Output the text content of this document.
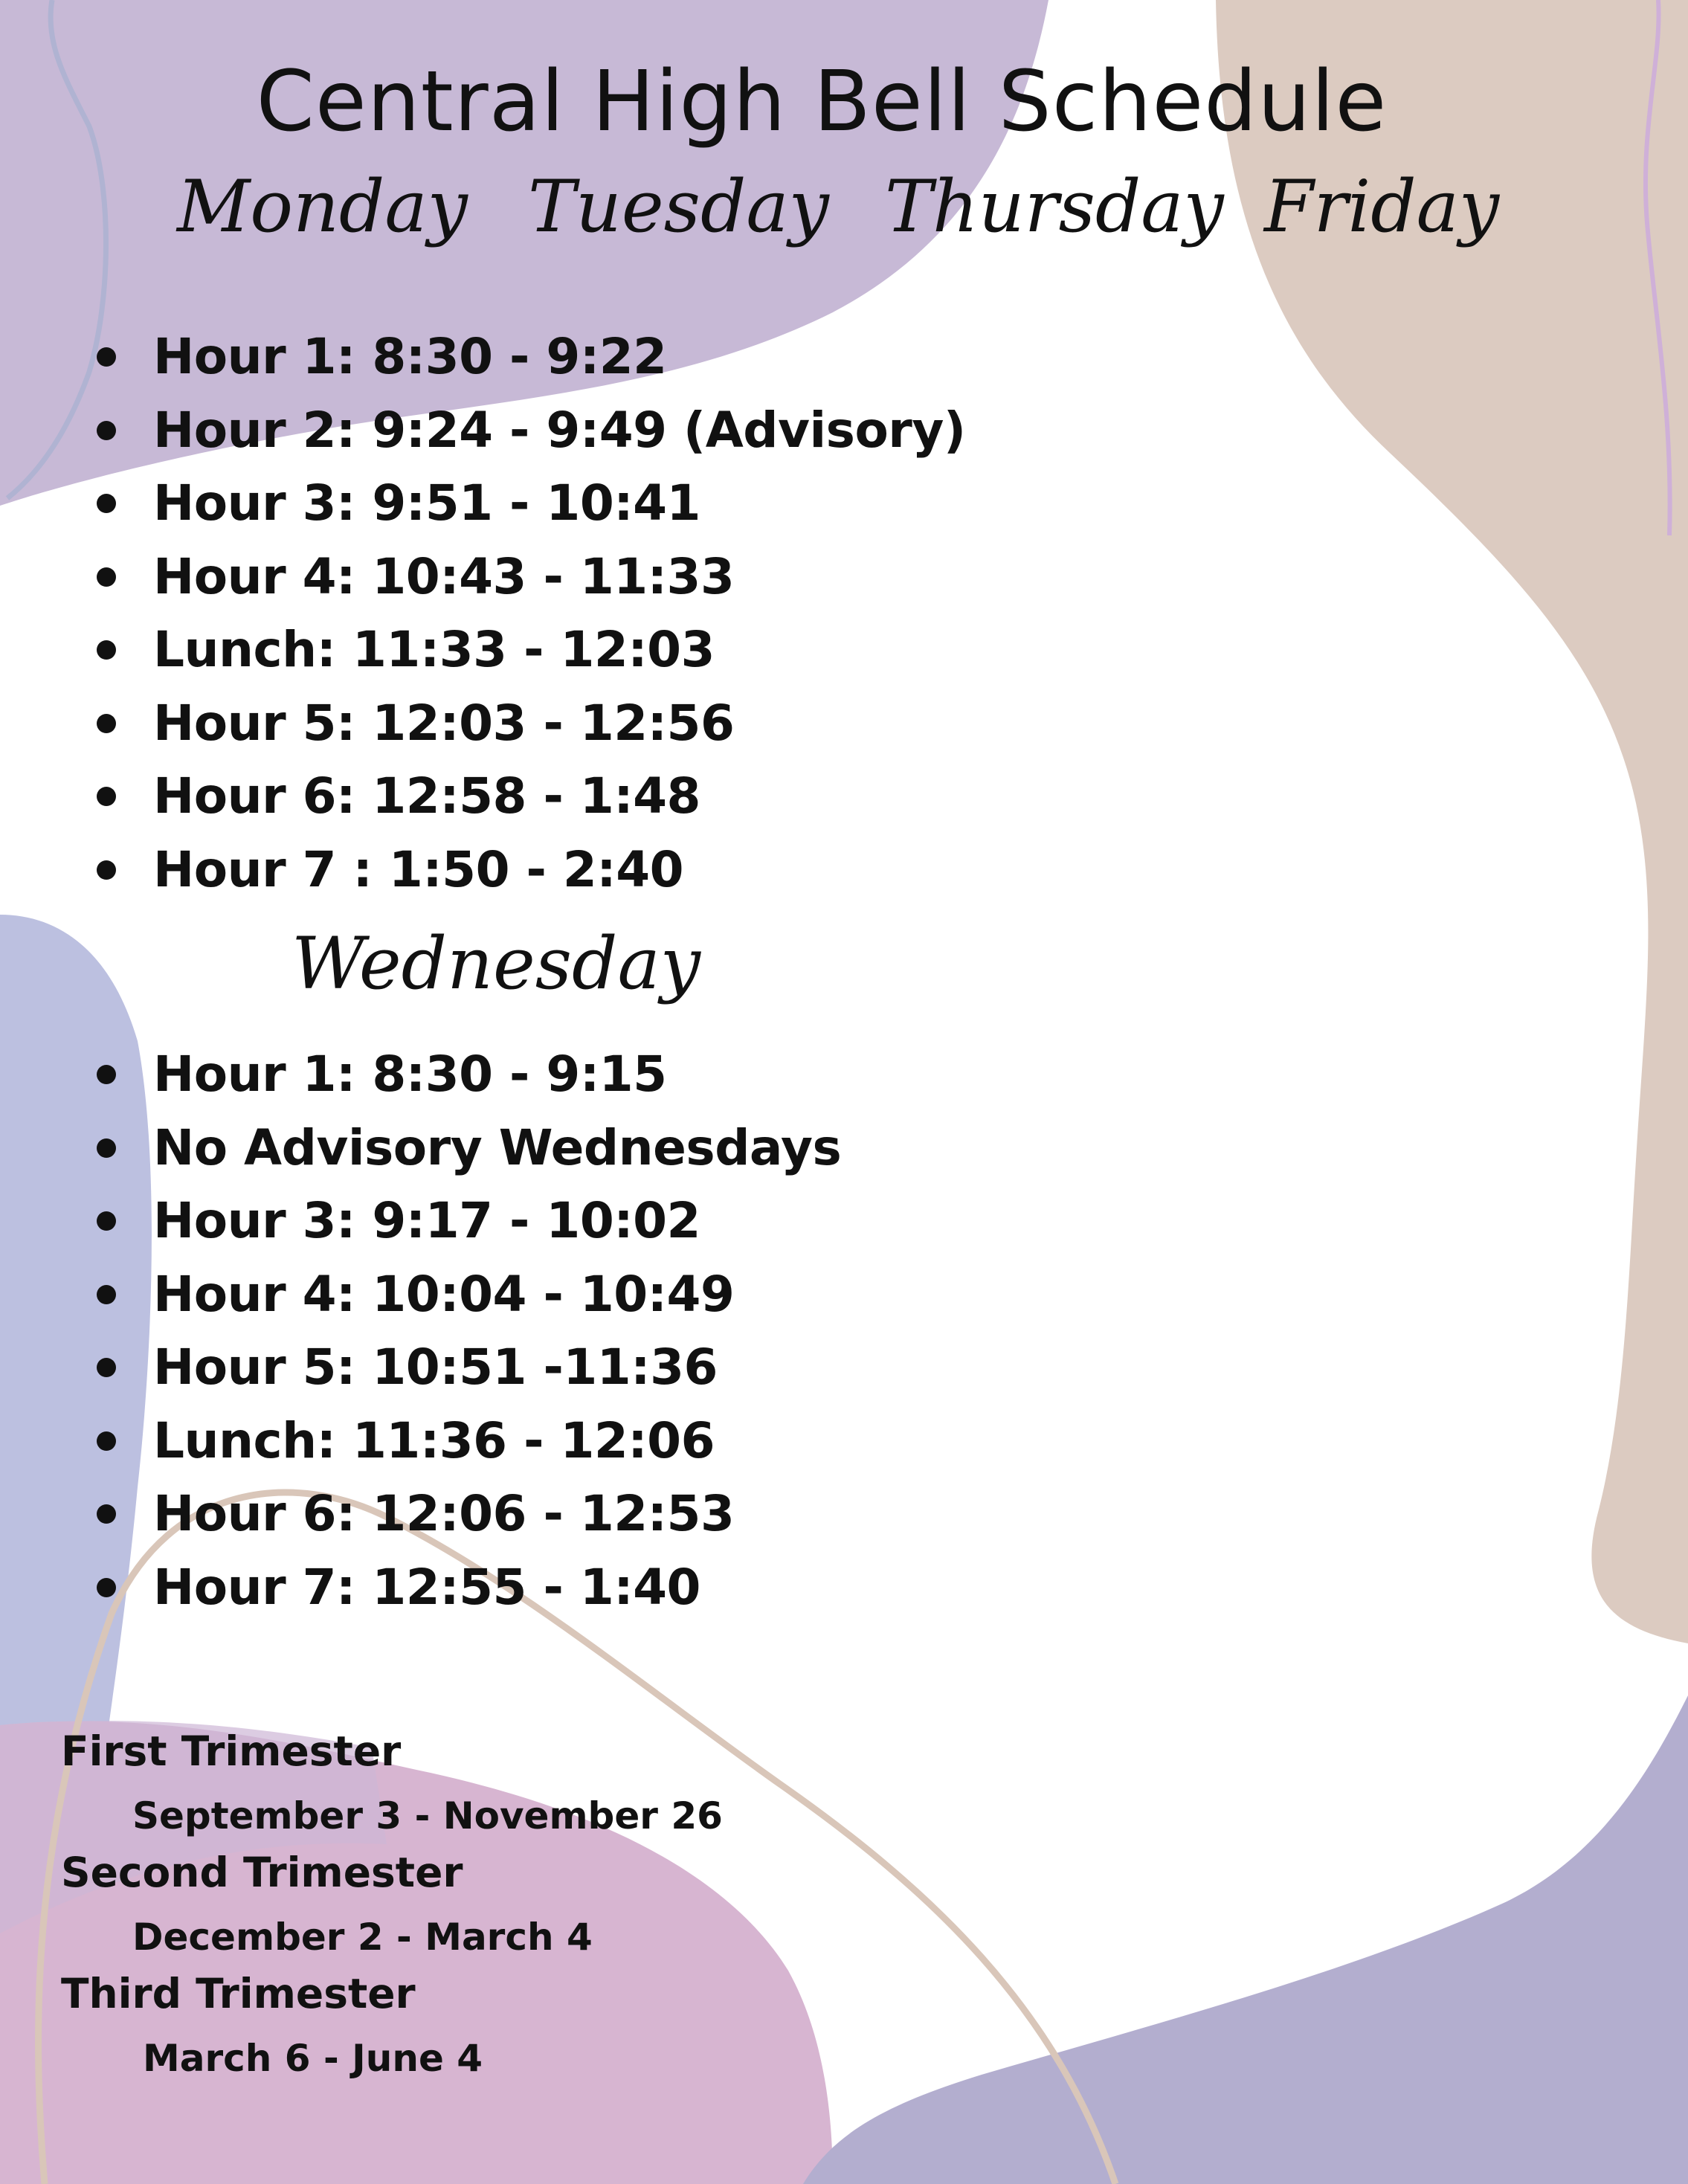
Central High Bell Schedule
Monday Tuesday Thursday Friday
Hour 1: 8:30 - 9:22
Hour 2: 9:24 - 9:49 (Advisory)
Hour 3: 9:51 - 10:41
Hour 4: 10:43 - 11:33
Lunch: 11:33 - 12:03
Hour 5: 12:03 - 12:56
Hour 6: 12:58 - 1:48
Hour 7 : 1:50 - 2:40
Wednesday
Hour 1: 8:30 - 9:15
No Advisory Wednesdays
Hour 3: 9:17 - 10:02
Hour 4: 10:04 - 10:49
Hour 5: 10:51 -11:36
Lunch: 11:36 - 12:06
Hour 6: 12:06 - 12:53
Hour 7: 12:55 - 1:40
First Trimester
September 3 - November 26
Second Trimester
December 2 - March 4
Third Trimester
March 6 - June 4
